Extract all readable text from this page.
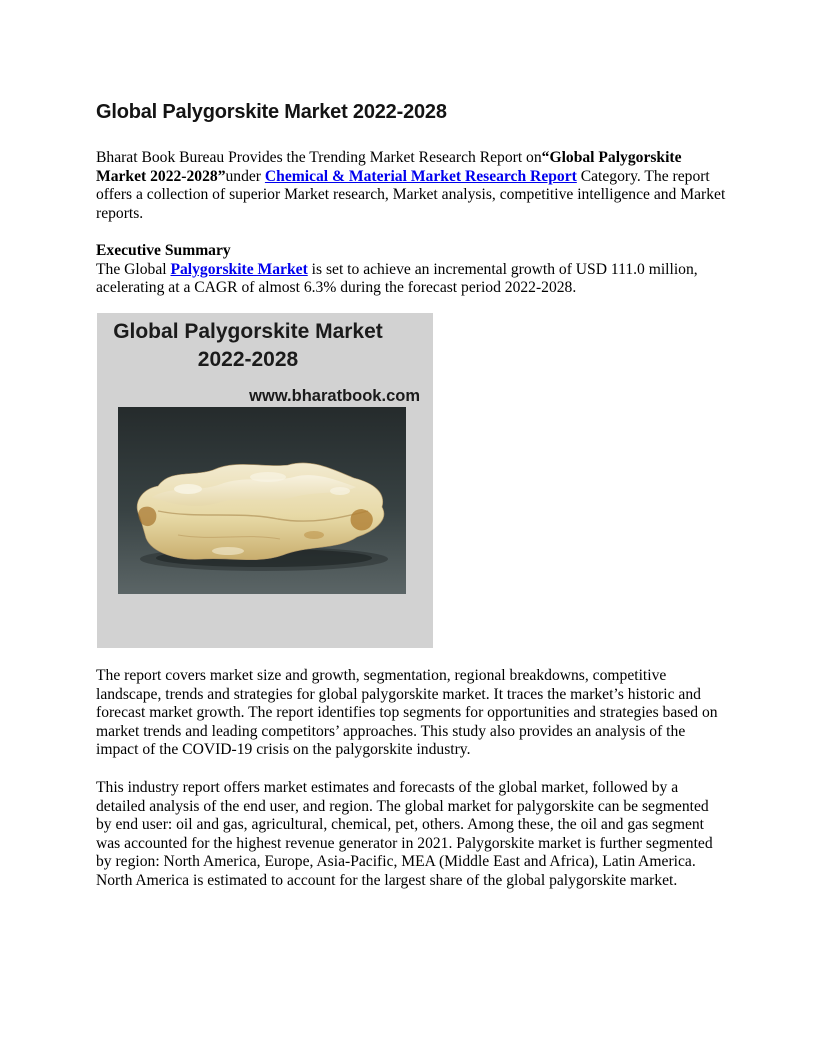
Global Palygorskite Market 2022-2028

Bharat Book Bureau Provides the Trending Market Research Report on“Global Palygorskite Market 2022-2028”under Chemical & Material Market Research Report Category. The report offers a collection of superior Market research, Market analysis, competitive intelligence and Market reports.

Executive Summary

The Global Palygorskite Market is set to achieve an incremental growth of USD 111.0 million, acelerating at a CAGR of almost 6.3% during the forecast period 2022-2028.

Global Palygorskite Market
2022-2028
www.bharatbook.com

The report covers market size and growth, segmentation, regional breakdowns, competitive landscape, trends and strategies for global palygorskite market. It traces the market’s historic and forecast market growth. The report identifies top segments for opportunities and strategies based on market trends and leading competitors’ approaches. This study also provides an analysis of the impact of the COVID-19 crisis on the palygorskite industry.

This industry report offers market estimates and forecasts of the global market, followed by a detailed analysis of the end user, and region. The global market for palygorskite can be segmented by end user: oil and gas, agricultural, chemical, pet, others. Among these, the oil and gas segment was accounted for the highest revenue generator in 2021. Palygorskite market is further segmented by region: North America, Europe, Asia-Pacific, MEA (Middle East and Africa), Latin America. North America is estimated to account for the largest share of the global palygorskite market.
